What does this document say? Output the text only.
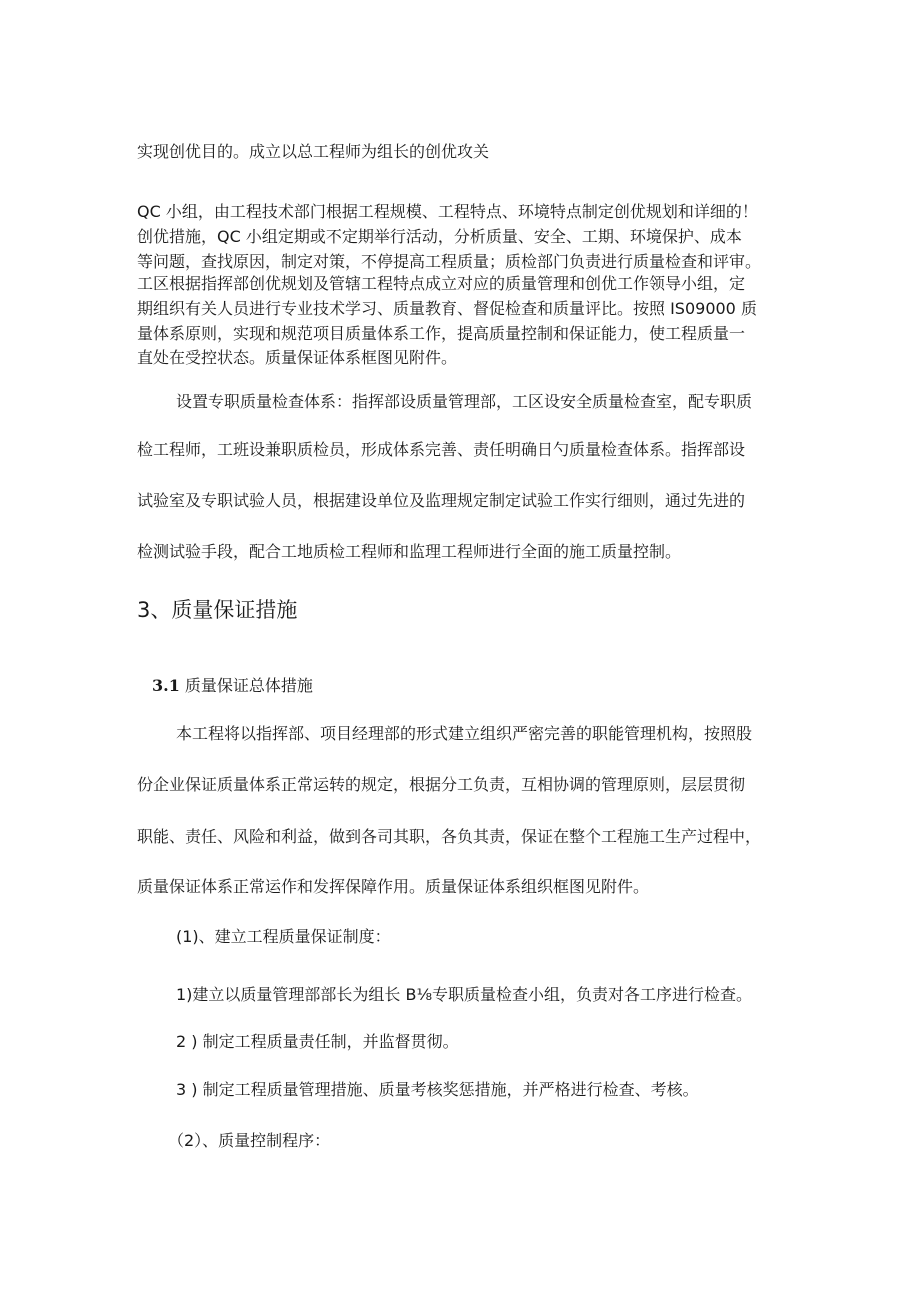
实现创优目的。成立以总工程师为组长的创优攻关
QC 小组，由工程技术部门根据工程规模、工程特点、环境特点制定创优规划和详细的！
创优措施，QC 小组定期或不定期举行活动，分析质量、安全、工期、环境保护、成本
等问题，查找原因，制定对策，不停提高工程质量；质检部门负责进行质量检查和评审。
工区根据指挥部创优规划及管辖工程特点成立对应的质量管理和创优工作领导小组，定
期组织有关人员进行专业技术学习、质量教育、督促检查和质量评比。按照 IS09000 质
量体系原则，实现和规范项目质量体系工作，提高质量控制和保证能力，使工程质量一
直处在受控状态。质量保证体系框图见附件。
设置专职质量检查体系：指挥部设质量管理部，工区设安全质量检查室，配专职质
检工程师，工班设兼职质检员，形成体系完善、责任明确日勺质量检查体系。指挥部设
试验室及专职试验人员，根据建设单位及监理规定制定试验工作实行细则，通过先进的
检测试验手段，配合工地质检工程师和监理工程师进行全面的施工质量控制。
3、质量保证措施
3.1 质量保证总体措施
本工程将以指挥部、项目经理部的形式建立组织严密完善的职能管理机构，按照股
份企业保证质量体系正常运转的规定，根据分工负责，互相协调的管理原则，层层贯彻
职能、责任、风险和利益，做到各司其职，各负其责，保证在整个工程施工生产过程中，
质量保证体系正常运作和发挥保障作用。质量保证体系组织框图见附件。
(1)、建立工程质量保证制度：
1)建立以质量管理部部长为组长 B⅛专职质量检查小组，负责对各工序进行检查。
2 ) 制定工程质量责任制，并监督贯彻。
3 ) 制定工程质量管理措施、质量考核奖惩措施，并严格进行检查、考核。
（2）、质量控制程序：
